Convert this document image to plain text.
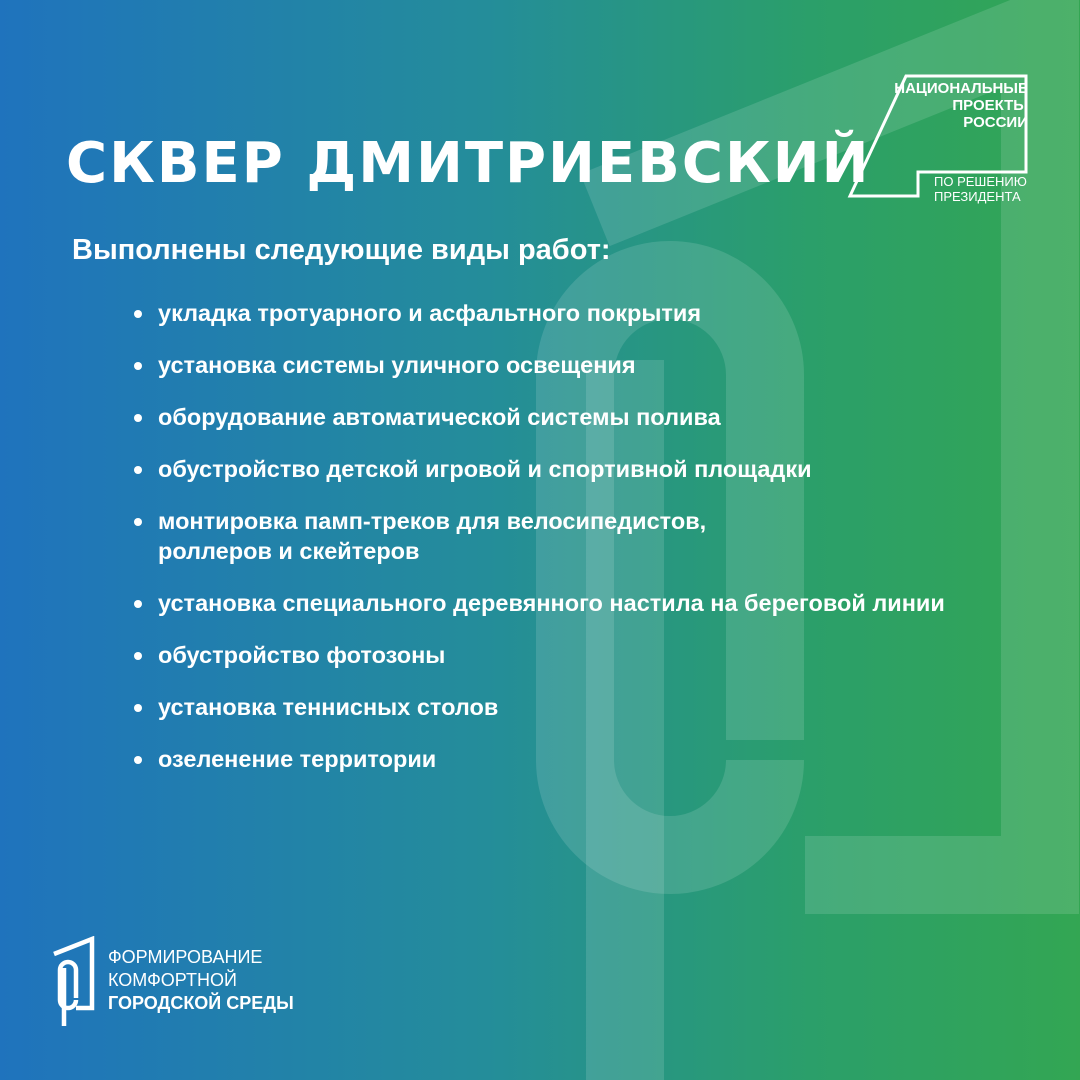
СКВЕР ДМИТРИЕВСКИЙ
Выполнены следующие виды работ:
укладка тротуарного и асфальтного покрытия
установка системы уличного освещения
оборудование автоматической системы полива
обустройство детской игровой и спортивной площадки
монтировка памп-треков для велосипедистов,
роллеров и скейтеров
установка специального деревянного настила на береговой линии
обустройство фотозоны
установка теннисных столов
озеленение территории
НАЦИОНАЛЬНЫЕ
ПРОЕКТЫ
РОССИИ
ПО РЕШЕНИЮ
ПРЕЗИДЕНТА
ФОРМИРОВАНИЕ
КОМФОРТНОЙ
ГОРОДСКОЙ СРЕДЫ
